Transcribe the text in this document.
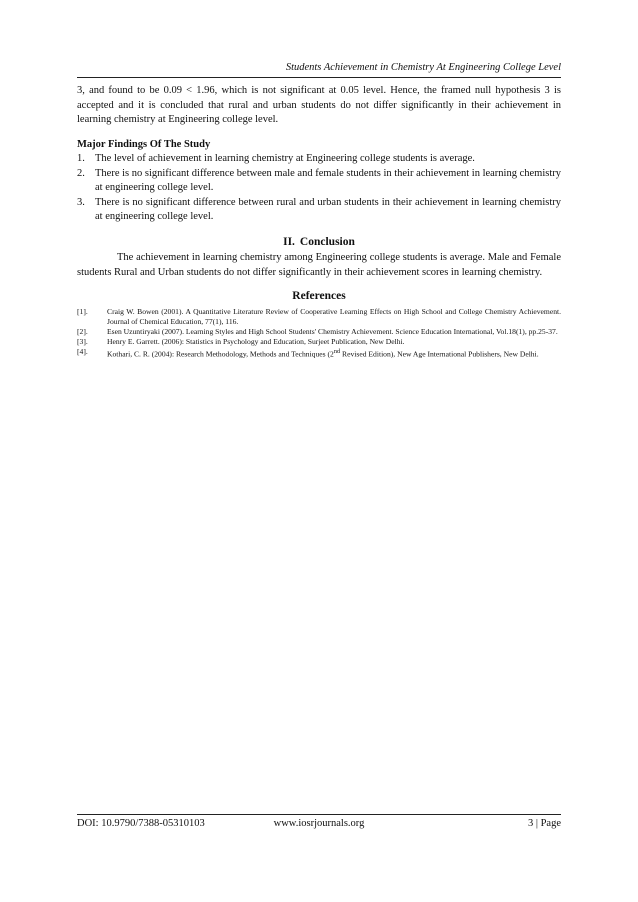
Students Achievement in Chemistry At Engineering College Level

3, and found to be 0.09 < 1.96, which is not significant at 0.05 level. Hence, the framed null hypothesis 3 is accepted and it is concluded that rural and urban students do not differ significantly in their achievement in learning chemistry at Engineering college level.

Major Findings Of The Study

1. The level of achievement in learning chemistry at Engineering college students is average.
2. There is no significant difference between male and female students in their achievement in learning chemistry at engineering college level.
3. There is no significant difference between rural and urban students in their achievement in learning chemistry at engineering college level.
II. Conclusion

The achievement in learning chemistry among Engineering college students is average. Male and Female students Rural and Urban students do not differ significantly in their achievement scores in learning chemistry.

References
[1].	Craig W. Bowen (2001). A Quantitative Literature Review of Cooperative Learning Effects on High School and College Chemistry Achievement. Journal of Chemical Education, 77(1), 116.
[2].	Esen Uzuntiryaki (2007). Learning Styles and High School Students' Chemistry Achievement. Science Education International, Vol.18(1), pp.25-37.
[3].	Henry E. Garrett. (2006): Statistics in Psychology and Education, Surjeet Publication, New Delhi.
[4].	Kothari, C. R. (2004): Research Methodology, Methods and Techniques (2nd Revised Edition), New Age International Publishers, New Delhi.
www.iosrjournals.org
DOI: 10.9790/7388-05310103	3 | Page
